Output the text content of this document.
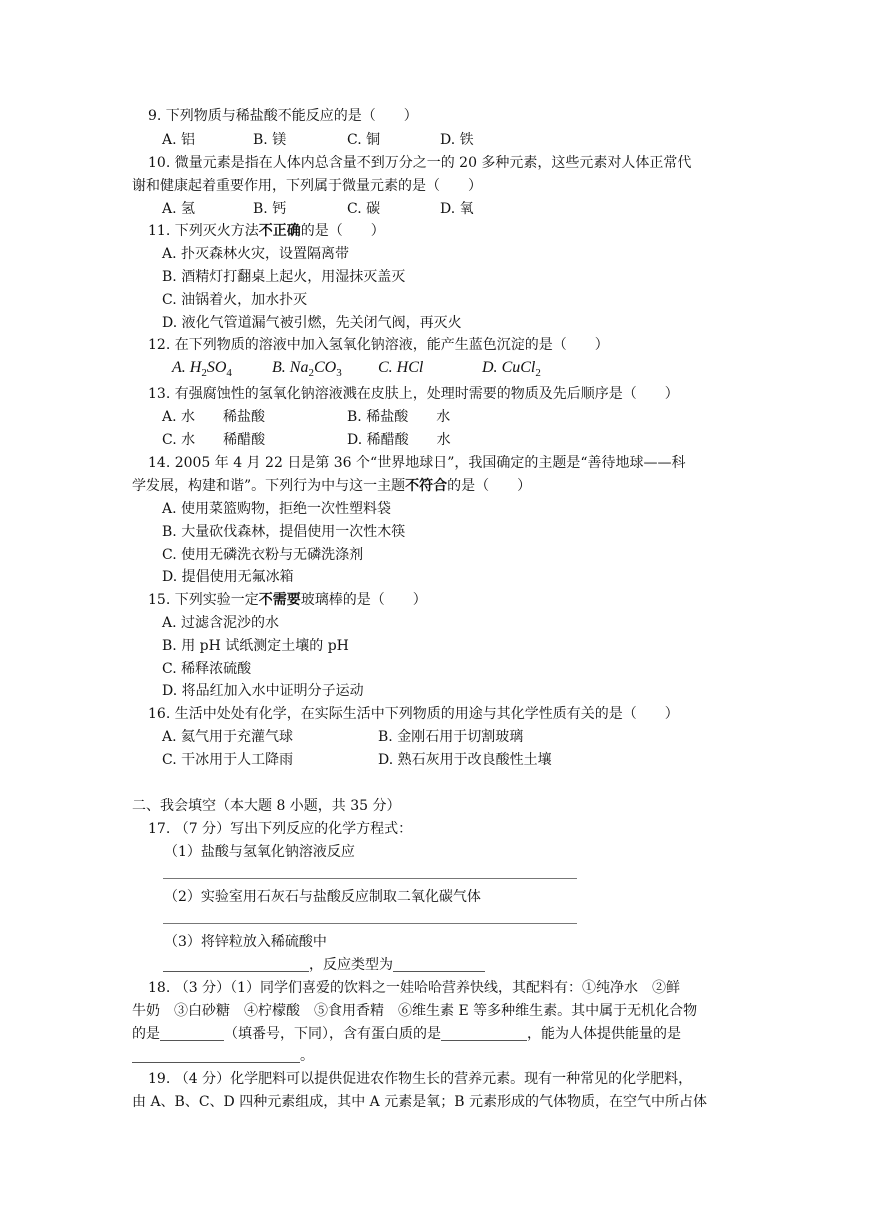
9. 下列物质与稀盐酸不能反应的是（　　）
A. 铝	B. 镁	C. 铜	D. 铁
10. 微量元素是指在人体内总含量不到万分之一的 20 多种元素，这些元素对人体正常代
谢和健康起着重要作用，下列属于微量元素的是（　　）
A. 氢	B. 钙	C. 碳	D. 氧
11. 下列灭火方法不正确的是（　　）
A. 扑灭森林火灾，设置隔离带
B. 酒精灯打翻桌上起火，用湿抹灭盖灭
C. 油锅着火，加水扑灭
D. 液化气管道漏气被引燃，先关闭气阀，再灭火
12. 在下列物质的溶液中加入氢氧化钠溶液，能产生蓝色沉淀的是（　　）
A. $H_2SO_4$	B. $Na_2CO_3$ C. HCl	D. CuCl$_2$
13. 有强腐蚀性的氢氧化钠溶液溅在皮肤上，处理时需要的物质及先后顺序是（　　）
A. 水　　稀盐酸	B. 稀盐酸　　水
C. 水　　稀醋酸	D. 稀醋酸　　水
14. 2005 年 4 月 22 日是第 36 个“世界地球日”，我国确定的主题是“善待地球——科
学发展，构建和谐”。下列行为中与这一主题不符合的是（　　）
A. 使用菜篮购物，拒绝一次性塑料袋
B. 大量砍伐森林，提倡使用一次性木筷
C. 使用无磷洗衣粉与无磷洗涤剂
D. 提倡使用无氟冰箱
15. 下列实验一定不需要玻璃棒的是（　　）
A. 过滤含泥沙的水
B. 用 pH 试纸测定土壤的 pH
C. 稀释浓硫酸
D. 将品红加入水中证明分子运动
16. 生活中处处有化学，在实际生活中下列物质的用途与其化学性质有关的是（　　）
A. 氦气用于充灌气球	B. 金刚石用于切割玻璃
C. 干冰用于人工降雨	D. 熟石灰用于改良酸性土壤
二、我会填空（本大题 8 小题，共 35 分）
17. （7 分）写出下列反应的化学方程式：
（1）盐酸与氢氧化钠溶液反应
（2）实验室用石灰石与盐酸反应制取二氧化碳气体
（3）将锌粒放入稀硫酸中
，反应类型为
18. （3 分）（1）同学们喜爱的饮料之一娃哈哈营养快线，其配料有：①纯净水　②鲜
牛奶　③白砂糖　④柠檬酸　⑤食用香精　⑥维生素 E 等多种维生素。其中属于无机化合物
的是	（填番号，下同），含有蛋白质的是	，能为人体提供能量的是
。
19. （4 分）化学肥料可以提供促进农作物生长的营养元素。现有一种常见的化学肥料，
由 A、B、C、D 四种元素组成，其中 A 元素是氧；B 元素形成的气体物质，在空气中所占体
